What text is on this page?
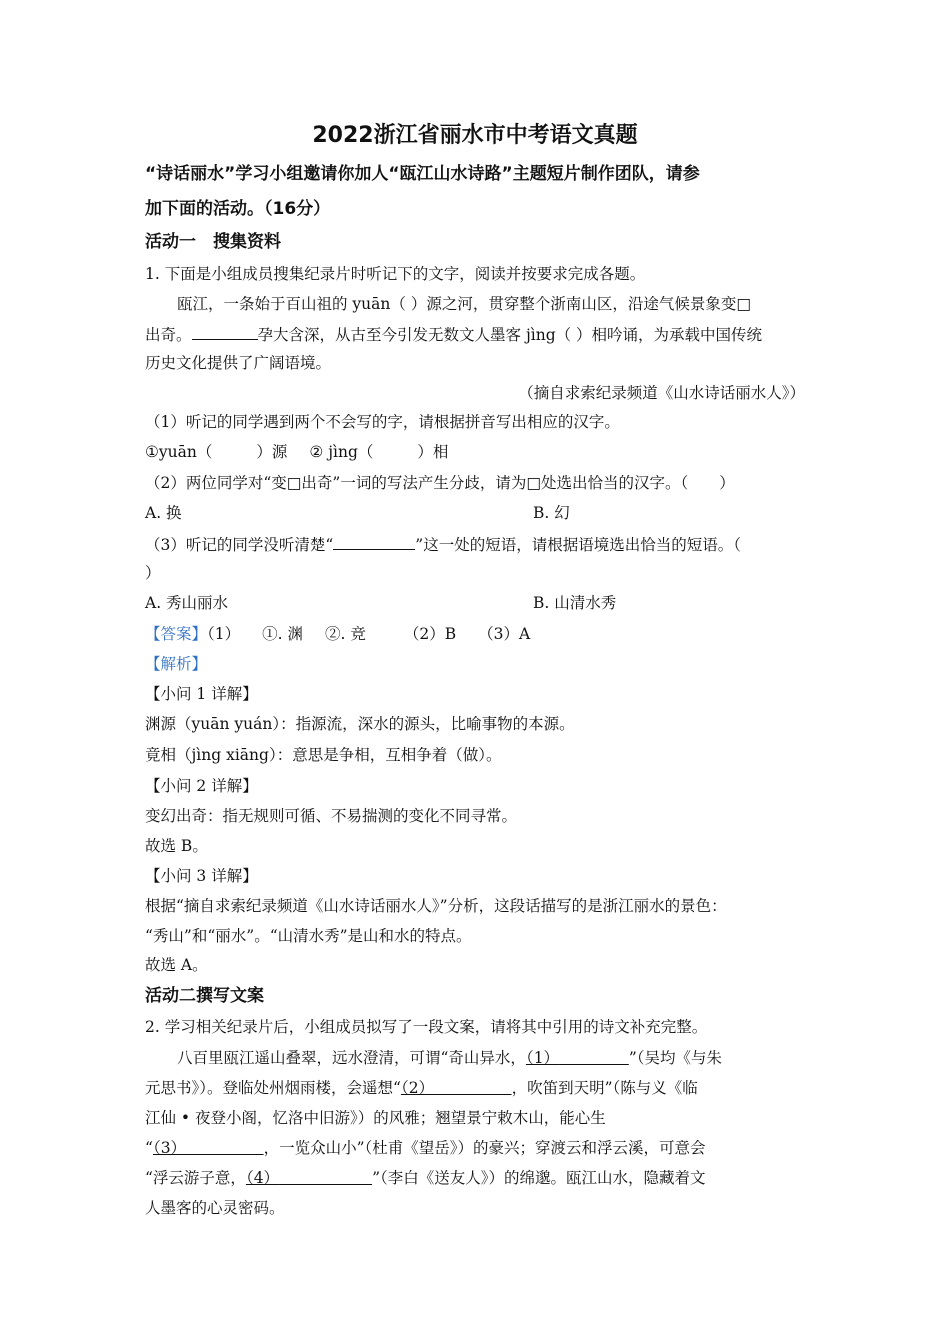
2022浙江省丽水市中考语文真题
“诗话丽水”学习小组邀请你加人“瓯江山水诗路”主题短片制作团队，请参
加下面的活动。（16分）
活动一　搜集资料
1. 下面是小组成员搜集纪录片时听记下的文字，阅读并按要求完成各题。
瓯江，一条始于百山祖的 yuān（ ）源之河，贯穿整个浙南山区，沿途气候景象变□
出奇。	孕大含深，从古至今引发无数文人墨客 jìng（ ）相吟诵，为承载中国传统
历史文化提供了广阔语境。
（摘自求索纪录频道《山水诗话丽水人》）
（1）听记的同学遇到两个不会写的字，请根据拼音写出相应的汉字。
①yuān（	）源 ② jìng（	）相
（2）两位同学对“变□出奇”一词的写法产生分歧，请为□处选出恰当的汉字。（　　）
A. 换	B. 幻
（3）听记的同学没听清楚“	”这一处的短语，请根据语境选出恰当的短语。（
）
A. 秀山丽水	B. 山清水秀
【答案】（1） ①. 渊 ②. 竞 （2）B （3）A
【解析】
【小问 1 详解】
渊源（yuān yuán）：指源流，深水的源头，比喻事物的本源。
竟相（jìng xiāng）：意思是争相，互相争着（做）。
【小问 2 详解】
变幻出奇：指无规则可循、不易揣测的变化不同寻常。
故选 B。
【小问 3 详解】
根据“摘自求索纪录频道《山水诗话丽水人》”分析，这段话描写的是浙江丽水的景色：
“秀山”和“丽水”。“山清水秀”是山和水的特点。
故选 A。
活动二撰写文案
2. 学习相关纪录片后，小组成员拟写了一段文案，请将其中引用的诗文补充完整。
八百里瓯江遥山叠翠，远水澄清，可谓“奇山异水，（1）         	”（吴均《与朱
元思书》）。登临处州烟雨楼，会遥想“（2）          	，吹笛到天明”（陈与义《临
江仙 • 夜登小阁，忆洛中旧游》）的风雅；翘望景宁敕木山，能心生
“（3）          	，一览众山小”（杜甫《望岳》）的豪兴；穿渡云和浮云溪，可意会
“浮云游子意，（4）            	”（李白《送友人》）的绵邈。瓯江山水，隐藏着文
人墨客的心灵密码。
